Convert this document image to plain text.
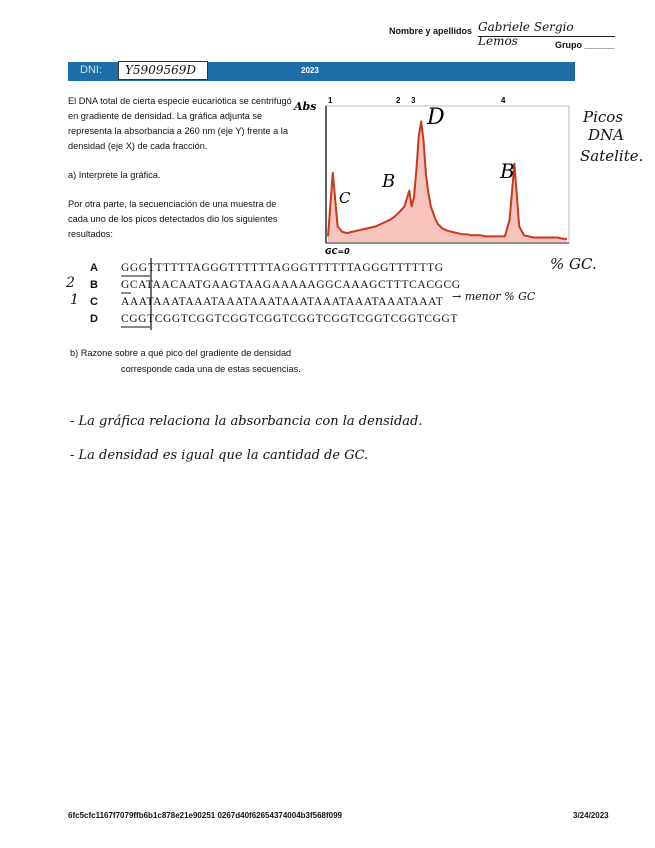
Nombre y apellidos Gabriele Sergio Lemos	Grupo ______
DNI:	Y5909569D	2023
El DNA total de cierta especie eucariótica se centrifugó en gradiente de densidad. La gráfica adjunta se representa la absorbancia a 260 nm (eje Y) frente a la densidad (eje X) de cada fracción.
a) Interprete la gráfica.
Por otra parte, la secuenciación de una muestra de cada uno de los picos detectados dio los siguientes resultados:
1	2 3	4
Abs
C
B
D
B
GC=0
Picos
DNA
Satelite.
A GGGTTTTTTAGGGTTTTTTAGGGTTTTTTAGGGTTTTTTG
B GCATAACAATGAAGTAAGAAAAAGGCAAAGCTTTCACGCG
C AAATAAATAAATAAATAAATAAATAAATAAATAAATAAAT
D CGGTCGGTCGGTCGGTCGGTCGGTCGGTCGGTCGGTCGGT
2
1	→ menor % GC
% GC.
b) Razone sobre a qué pico del gradiente de densidad
corresponde cada una de estas secuencias.
- La gráfica relaciona la absorbancia con la densidad.
- La densidad es igual que la cantidad de GC.
6fc5cfc1167f7079ffb6b1c878e21e90251 0267d40f62654374004b3f568f099	3/24/2023
